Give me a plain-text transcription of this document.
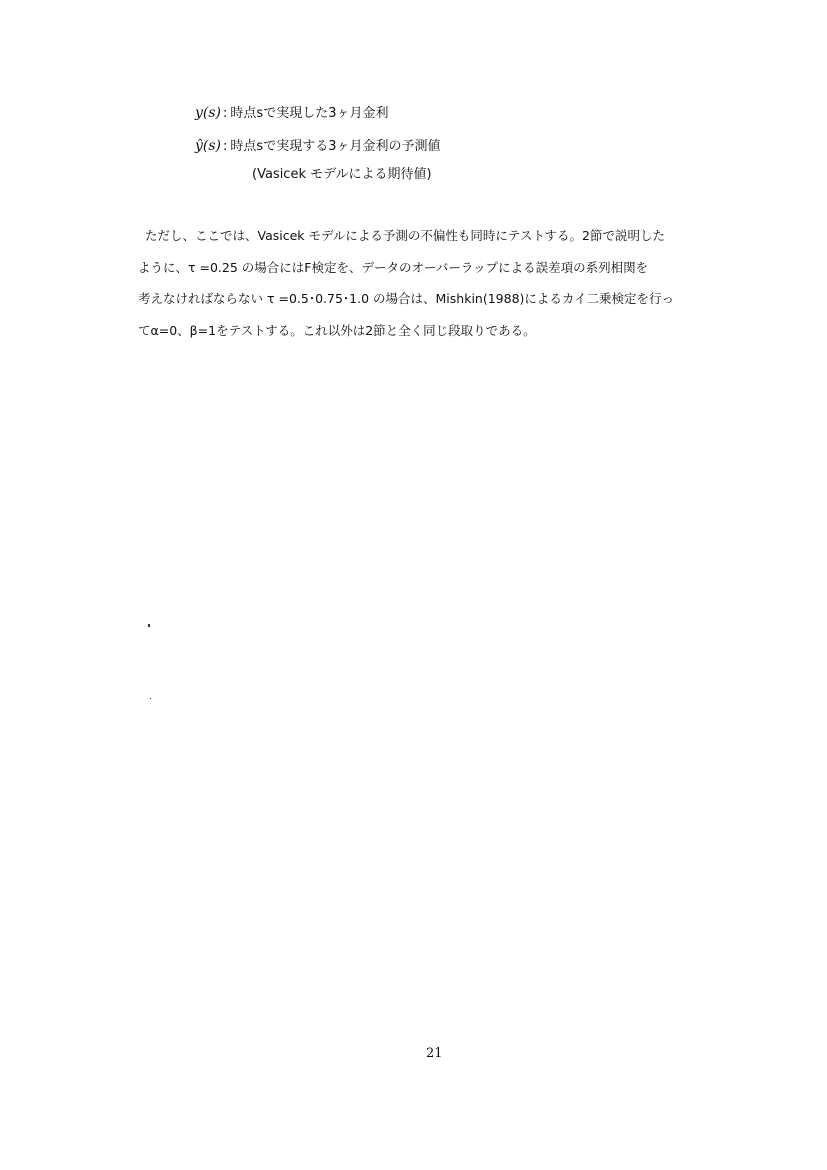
y(s) : 時点sで実現した3ヶ月金利
ŷ(s) : 時点sで実現する3ヶ月金利の予測値
(Vasicek モデルによる期待値)
ただし、ここでは、Vasicek モデルによる予測の不偏性も同時にテストする。2節で説明した
ように、τ =0.25 の場合にはF検定を、データのオーバーラップによる誤差項の系列相関を
考えなければならない τ =0.5･0.75･1.0 の場合は、Mishkin(1988)によるカイ二乗検定を行っ
てα=0、β=1をテストする。これ以外は2節と全く同じ段取りである。
21
